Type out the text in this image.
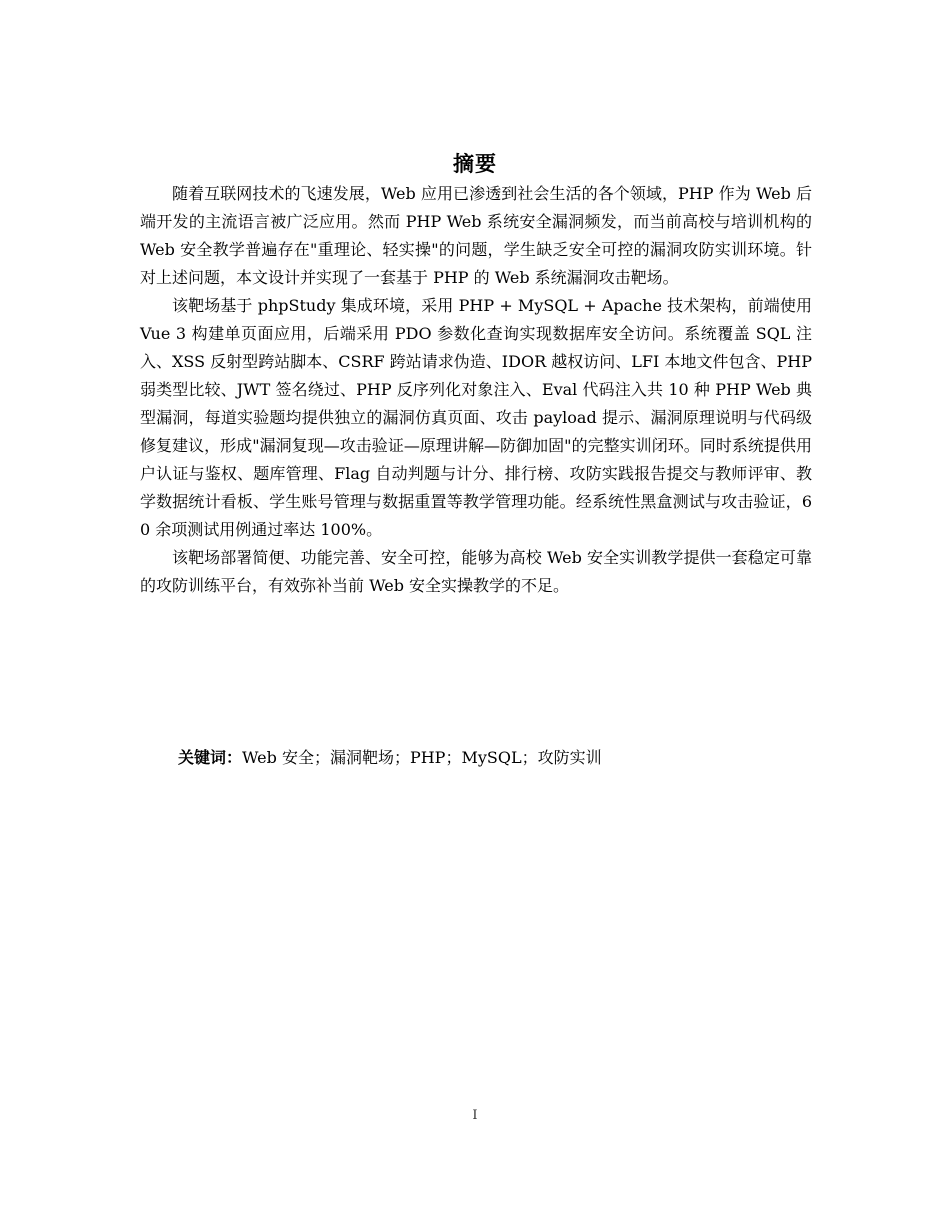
摘要

随着互联网技术的飞速发展，Web 应用已渗透到社会生活的各个领域，PHP 作为 Web 后端开发的主流语言被广泛应用。然而 PHP Web 系统安全漏洞频发，而当前高校与培训机构的 Web 安全教学普遍存在"重理论、轻实操"的问题，学生缺乏安全可控的漏洞攻防实训环境。针对上述问题，本文设计并实现了一套基于 PHP 的 Web 系统漏洞攻击靶场。

该靶场基于 phpStudy 集成环境，采用 PHP + MySQL + Apache 技术架构，前端使用 Vue 3 构建单页面应用，后端采用 PDO 参数化查询实现数据库安全访问。系统覆盖 SQL 注入、XSS 反射型跨站脚本、CSRF 跨站请求伪造、IDOR 越权访问、LFI 本地文件包含、PHP 弱类型比较、JWT 签名绕过、PHP 反序列化对象注入、Eval 代码注入共 10 种 PHP Web 典型漏洞，每道实验题均提供独立的漏洞仿真页面、攻击 payload 提示、漏洞原理说明与代码级修复建议，形成"漏洞复现—攻击验证—原理讲解—防御加固"的完整实训闭环。同时系统提供用户认证与鉴权、题库管理、Flag 自动判题与计分、排行榜、攻防实践报告提交与教师评审、教学数据统计看板、学生账号管理与数据重置等教学管理功能。经系统性黑盒测试与攻击验证，60 余项测试用例通过率达 100%。

该靶场部署简便、功能完善、安全可控，能够为高校 Web 安全实训教学提供一套稳定可靠的攻防训练平台，有效弥补当前 Web 安全实操教学的不足。

关键词：Web 安全；漏洞靶场；PHP；MySQL；攻防实训
I
